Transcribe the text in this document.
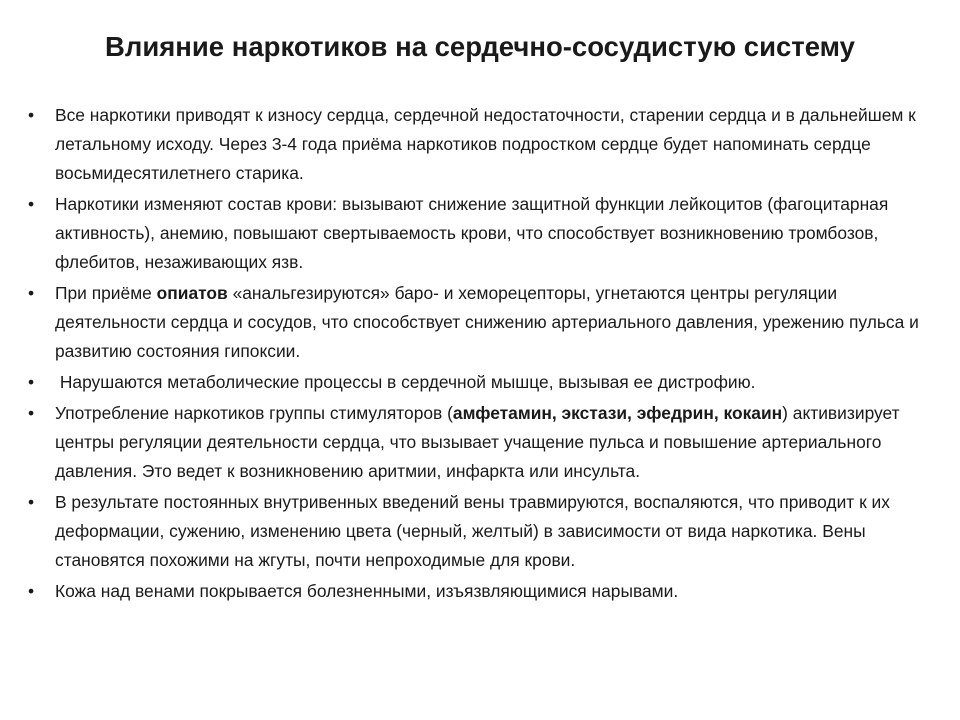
Влияние наркотиков на сердечно-сосудистую систему
• Все наркотики приводят к износу сердца, сердечной недостаточности, старении сердца и в дальнейшем к летальному исходу. Через 3-4 года приёма наркотиков подростком сердце будет напоминать сердце восьмидесятилетнего старика.
• Наркотики изменяют состав крови: вызывают снижение защитной функции лейкоцитов (фагоцитарная активность), анемию, повышают свертываемость крови, что способствует возникновению тромбозов, флебитов, незаживающих язв.
• При приёме опиатов «анальгезируются» баро- и хеморецепторы, угнетаются центры регуляции деятельности сердца и сосудов, что способствует снижению артериального давления, урежению пульса и развитию состояния гипоксии.
• Нарушаются метаболические процессы в сердечной мышце, вызывая ее дистрофию.
• Употребление наркотиков группы стимуляторов (амфетамин, экстази, эфедрин, кокаин) активизирует центры регуляции деятельности сердца, что вызывает учащение пульса и повышение артериального давления. Это ведет к возникновению аритмии, инфаркта или инсульта.
• В результате постоянных внутривенных введений вены травмируются, воспаляются, что приводит к их деформации, сужению, изменению цвета (черный, желтый) в зависимости от вида наркотика. Вены становятся похожими на жгуты, почти непроходимые для крови.
• Кожа над венами покрывается болезненными, изъязвляющимися нарывами.
